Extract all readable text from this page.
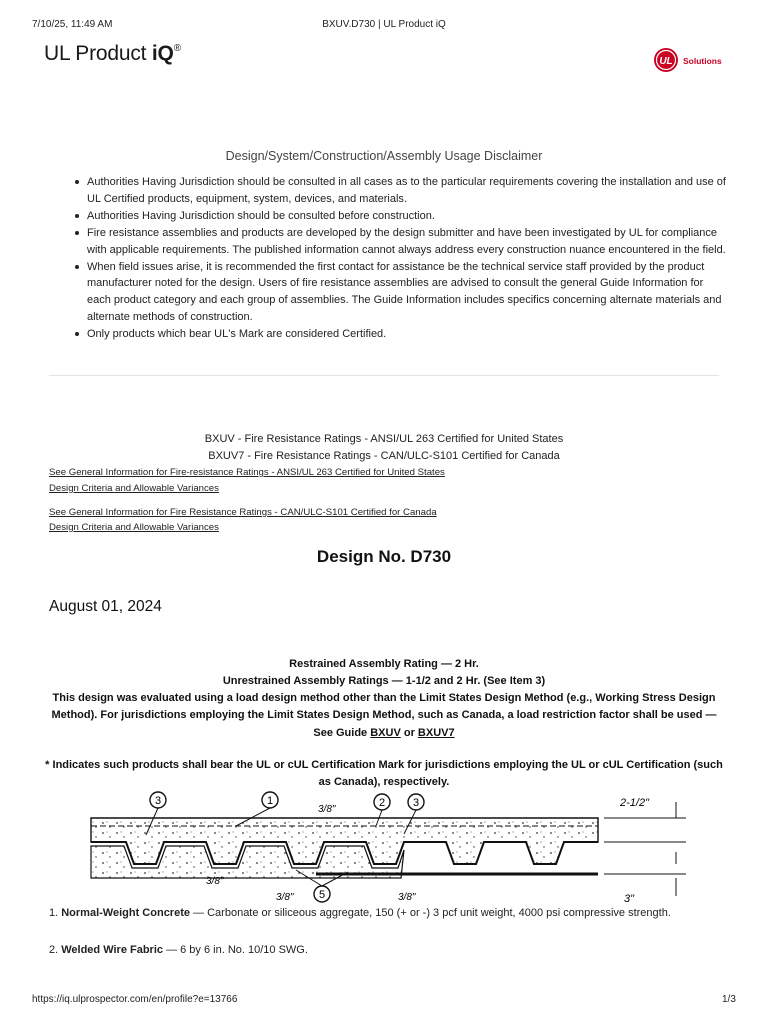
7/10/25, 11:49 AM	BXUV.D730 | UL Product iQ
UL Product iQ®
UL Solutions
Design/System/Construction/Assembly Usage Disclaimer
Authorities Having Jurisdiction should be consulted in all cases as to the particular requirements covering the installation and use of UL Certified products, equipment, system, devices, and materials.
Authorities Having Jurisdiction should be consulted before construction.
Fire resistance assemblies and products are developed by the design submitter and have been investigated by UL for compliance with applicable requirements. The published information cannot always address every construction nuance encountered in the field.
When field issues arise, it is recommended the first contact for assistance be the technical service staff provided by the product manufacturer noted for the design. Users of fire resistance assemblies are advised to consult the general Guide Information for each product category and each group of assemblies. The Guide Information includes specifics concerning alternate materials and alternate methods of construction.
Only products which bear UL's Mark are considered Certified.
BXUV - Fire Resistance Ratings - ANSI/UL 263 Certified for United States
BXUV7 - Fire Resistance Ratings - CAN/ULC-S101 Certified for Canada
See General Information for Fire-resistance Ratings - ANSI/UL 263 Certified for United States
Design Criteria and Allowable Variances
See General Information for Fire Resistance Ratings - CAN/ULC-S101 Certified for Canada
Design Criteria and Allowable Variances
Design No. D730
August 01, 2024
Restrained Assembly Rating — 2 Hr.
Unrestrained Assembly Ratings — 1-1/2 and 2 Hr. (See Item 3)
This design was evaluated using a load design method other than the Limit States Design Method (e.g., Working Stress Design Method). For jurisdictions employing the Limit States Design Method, such as Canada, a load restriction factor shall be used — See Guide BXUV or BXUV7
* Indicates such products shall bear the UL or cUL Certification Mark for jurisdictions employing the UL or cUL Certification (such as Canada), respectively.
3	1	2	3
5
3/8"
2-1/2"
3/8"
3/8"	3/8"	3"
1. Normal-Weight Concrete — Carbonate or siliceous aggregate, 150 (+ or -) 3 pcf unit weight, 4000 psi compressive strength.
2. Welded Wire Fabric — 6 by 6 in. No. 10/10 SWG.
https://iq.ulprospector.com/en/profile?e=13766	1/3
